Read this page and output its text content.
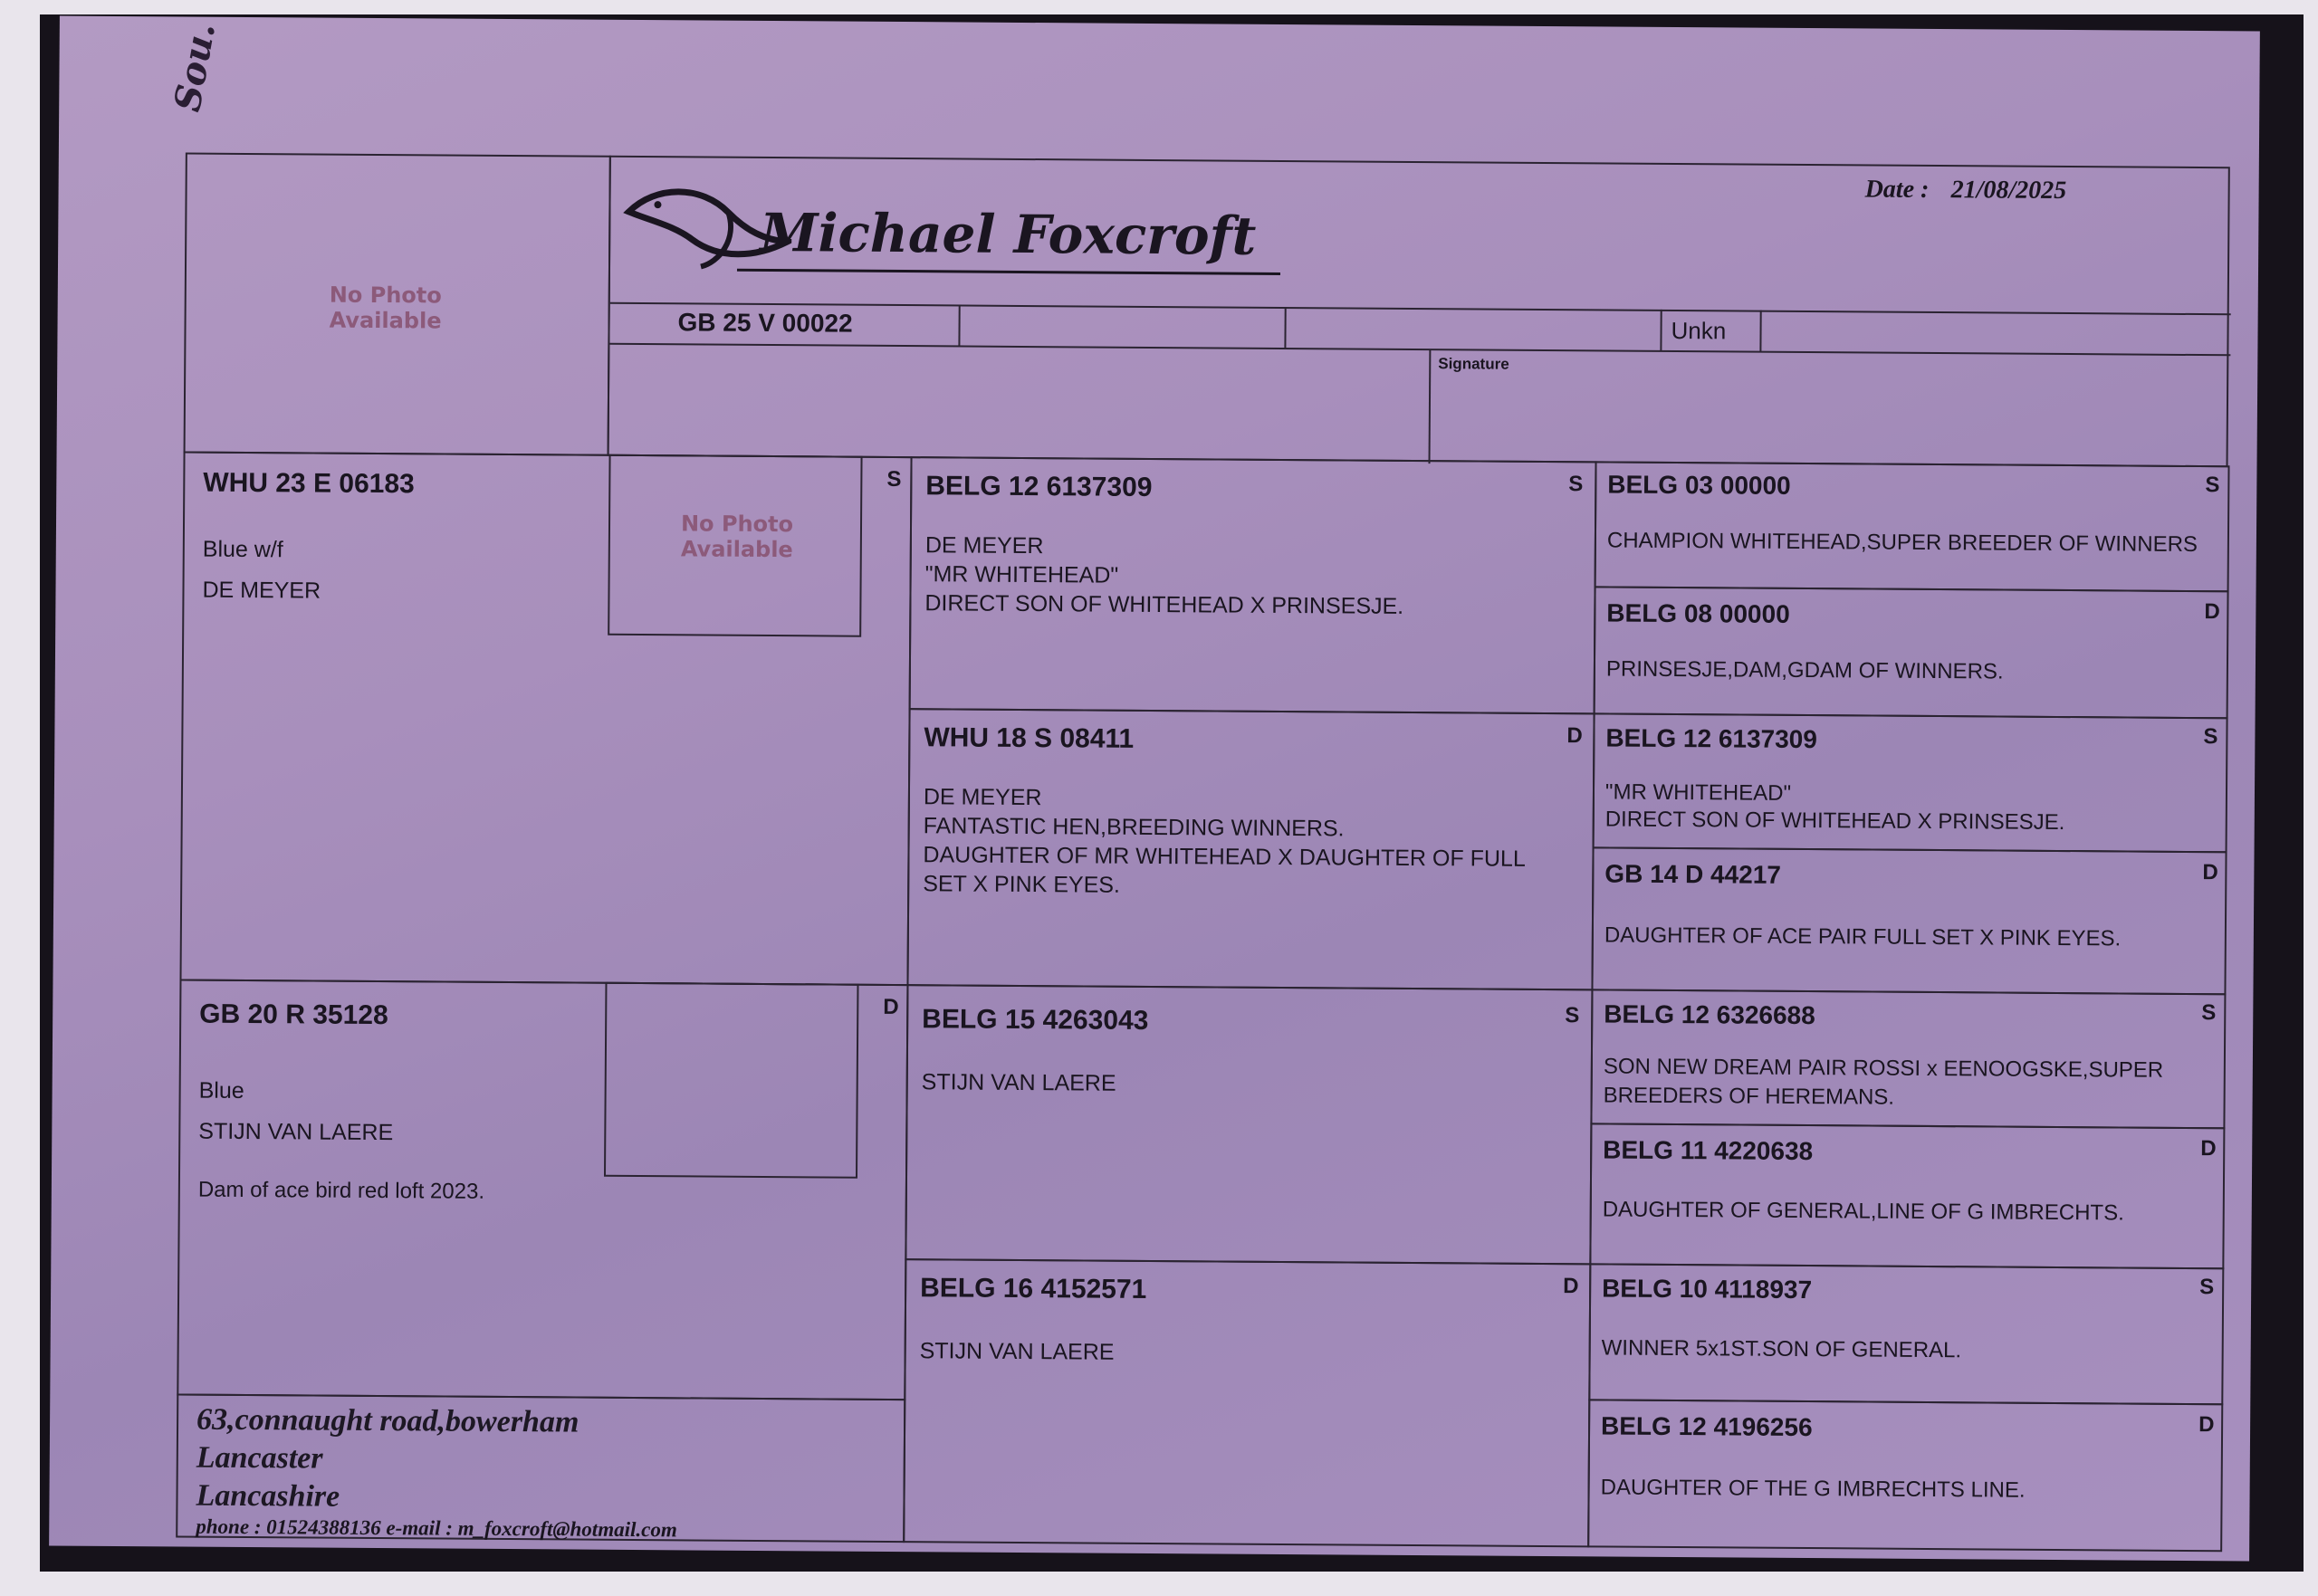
Sou.
No Photo
Available
Date : 21/08/2025
Michael Foxcroft
GB 25 V 00022	Unkn
Signature
WHU 23 E 06183
Blue w/f
DE MEYER
No Photo
Available
S
GB 20 R 35128
Blue
STIJN VAN LAERE
Dam of ace bird red loft 2023.
D
63,connaught road,bowerham
Lancaster
Lancashire
phone : 01524388136 e-mail : m_foxcroft@hotmail.com
BELG 12 6137309	S
DE MEYER
"MR WHITEHEAD"
DIRECT SON OF WHITEHEAD X PRINSESJE.
WHU 18 S 08411	D
DE MEYER
FANTASTIC HEN,BREEDING WINNERS.
DAUGHTER OF MR WHITEHEAD X DAUGHTER OF FULL
SET X PINK EYES.
BELG 15 4263043	S
STIJN VAN LAERE
BELG 16 4152571	D
STIJN VAN LAERE
BELG 03 00000	S
CHAMPION WHITEHEAD,SUPER BREEDER OF WINNERS
BELG 08 00000	D
PRINSESJE,DAM,GDAM OF WINNERS.
BELG 12 6137309	S
"MR WHITEHEAD"
DIRECT SON OF WHITEHEAD X PRINSESJE.
GB 14 D 44217	D
DAUGHTER OF ACE PAIR FULL SET X PINK EYES.
BELG 12 6326688	S
SON NEW DREAM PAIR ROSSI x EENOOGSKE,SUPER
BREEDERS OF HEREMANS.
BELG 11 4220638	D
DAUGHTER OF GENERAL,LINE OF G IMBRECHTS.
BELG 10 4118937	S
WINNER 5x1ST.SON OF GENERAL.
BELG 12 4196256	D
DAUGHTER OF THE G IMBRECHTS LINE.
